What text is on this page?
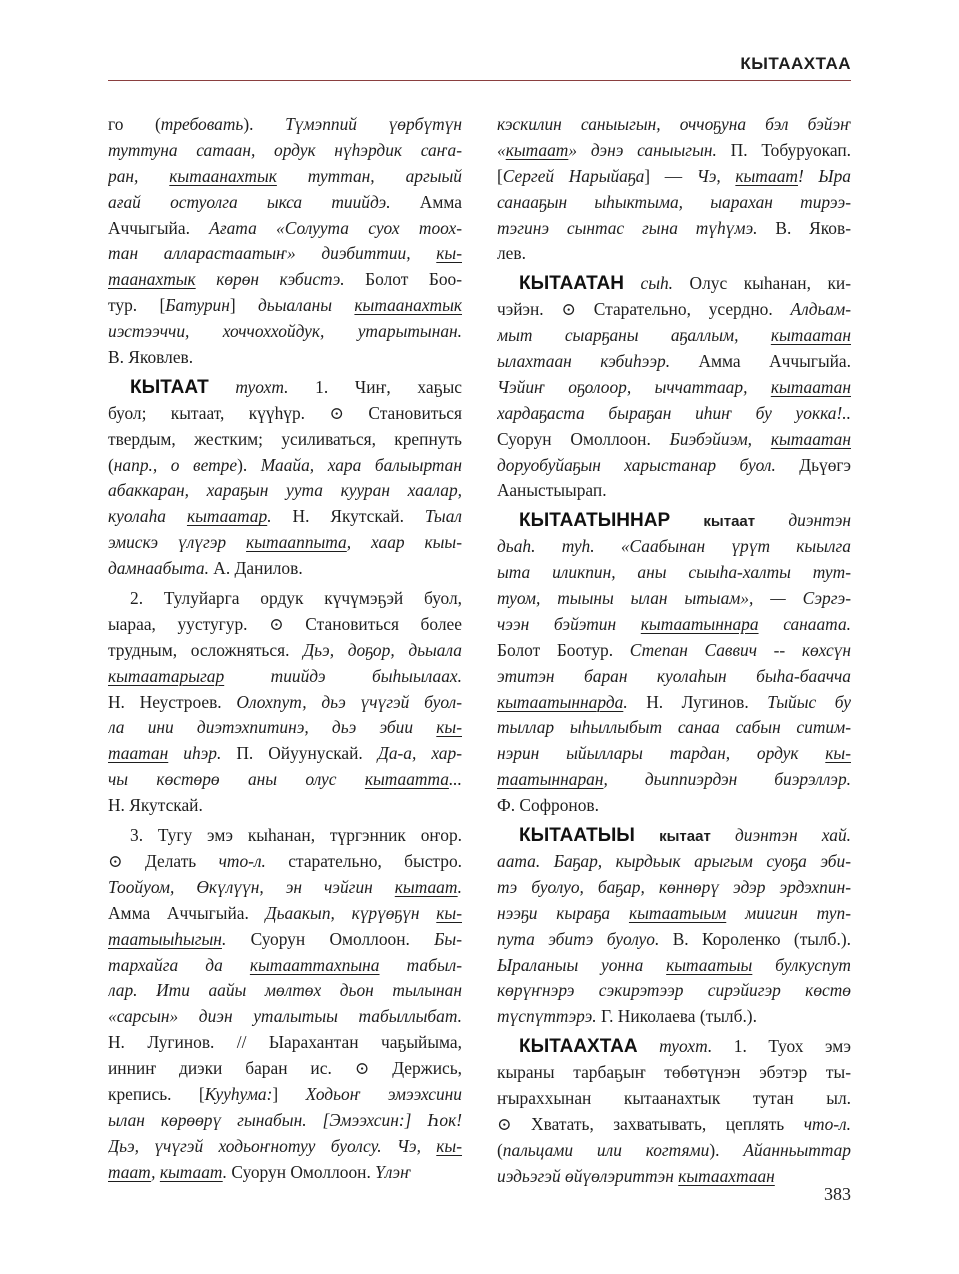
КЫТААХТАА
го (требовать). Түмэппий үөрбүтүн
туттуна сатаан, ордук нүһэрдик саҥа-
ран, кытаанахтык туттан, аргыый
ағай остуолга ыкса тиийдэ. Амма
Аччыгыйа. Ағата «Солуута суох тоох-
тан алларастаатыҥ» диэбиттии, кы-
таанахтык көрөн кэбистэ. Болот Боо-
тур. [Батурин] дьыаланы кытаанахтык
иэстээччи, хоччоххойдук, утарытынан.
В. Яковлев.
КЫТААТ туохт. 1. Чиҥ, хаҕыс
буол; кытаат, күүһүр. ⊙ Становиться
твердым, жестким; усиливаться, крепнуть
(напр., о ветре). Маайа, хара балыыртан
абаккаран, хараҕын уута кууран хаалар,
куолаһа кытаатар. Н. Якутскай. Тыал
эмискэ үлүгэр кытааппыта, хаар кыы-
дамнаабыта. А. Данилов.
2. Тулуйарга ордук күчүмэҕэй буол,
ыараа, уустугур. ⊙ Становиться более
трудным, осложняться. Дьэ, доҕор, дьыала
кытаатарыгар тиийдэ быһыылаах.
Н. Неустроев. Олохпут, дьэ үчүгэй буол-
ла ини диэтэхпитинэ, дьэ эбии кы-
таатан иһэр. П. Ойуунускай. Да-а, хар-
чы көстөрө аны олус кытаатта...
Н. Якутскай.
3. Тугу эмэ кыһанан, түргэнник оҥор.
⊙ Делать что-л. старательно, быстро.
Тоойуом, Өкүлүүн, эн чэйгин кытаат.
Амма Аччыгыйа. Дьаакып, күрүөҕүн кы-
таатыыһыгын. Суорун Омоллоон. Бы-
тархайга да кытааттахпына табыл-
лар. Ити аайы мөлтөх дьон тылынан
«сарсын» диэн уталытыы табыллыбат.
Н. Лугинов. // Ыарахантан чаҕыйыма,
инниҥ диэки баран ис. ⊙ Держись,
крепись. [Кууһума:] Ходьоҥ эмээхсини
ылан көрөөрү гынабын. [Эмээхсин:] Һок!
Дьэ, үчүгэй ходьоҥнотуу буолсу. Чэ, кы-
таат, кытаат. Суорун Омоллоон. Үлэҥ
кэскилин саныыгын, оччоҕуна бэл бэйэҥ
«кытаат» дэнэ саныыгын. П. Тобуруокап.
[Сергей Нарыйаҕа] — Чэ, кытаат! Ыра
санааҕын ыһыктыма, ыарахан тирээ-
тэгинэ сынтас гына түһүмэ. В. Яков-
лев.
КЫТААТАН сыһ. Олус кыһанан, ки-
чэйэн. ⊙ Старательно, усердно. Алдьам-
мыт сыарҕаны аҕаллым, кытаатан
ылахтаан кэбиһээр. Амма Аччыгыйа.
Чэйиҥ оҕолоор, ыччаттаар, кытаатан
хардаҕаста быраҕан иһиҥ бу уокка!..
Суорун Омоллоон. Биэбэйиэм, кытаатан
доруобуйаҕын харыстанар буол. Дьүөгэ
Ааныстыырап.
КЫТААТЫННАР кытаат диэнтэн
дьаһ. туһ. «Саабынан үрүт кыылга
ыта иликпин, аны сыыһа-халты тут-
туом, тыыны ылан ытыам», — Сэргэ-
чээн бэйэтин кытаатыннара санаата.
Болот Боотур. Степан Саввич -- көхсүн
этитэн баран куолаһын быһа-баачча
кытаатыннарда. Н. Лугинов. Тыйыс бу
тыллар ыһыллыбыт санаа сабын ситим-
нэрин ыйыллары тардан, ордук кы-
таатыннаран, дьиппиэрдэн биэрэллэр.
Ф. Софронов.
КЫТААТЫЫ кытаат диэнтэн хай.
аата. Баҕар, кырдьык арыгым суоҕа эби-
тэ буолуо, баҕар, көннөрү эдэр эрдэхпин-
нээҕи кыраҕа кытаатыым миигин туп-
пута эбитэ буолуо. В. Короленко (тылб.).
Ыраланыы уонна кытаатыы булкуспут
көрүҥнэрэ сэкирэтээр сирэйигэр көстө
түспүттэрэ. Г. Николаева (тылб.).
КЫТААХТАА туохт. 1. Туох эмэ
кыраны тарбаҕыҥ төбөтүнэн эбэтэр ты-
ҥыраххынан кытаанахтык тутан ыл.
⊙ Хватать, захватывать, цеплять что-л.
(пальцами или когтями). Айанньыттар
иэдьэгэй өйүөлэриттэн кытаахтаан
383
